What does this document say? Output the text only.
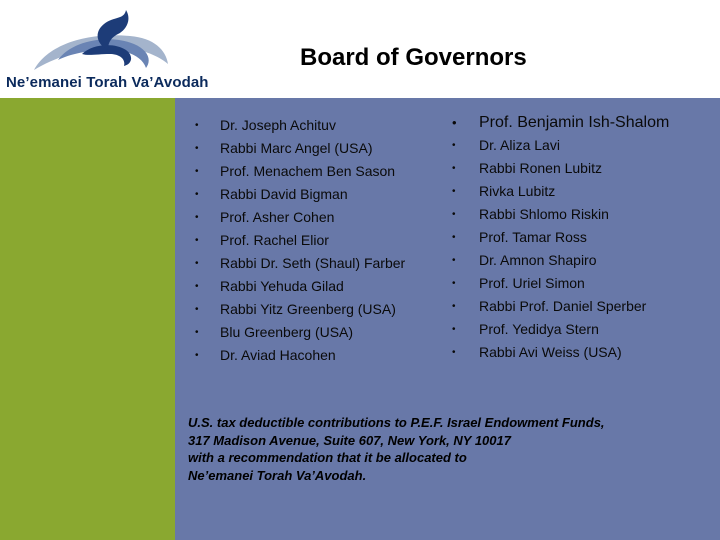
Ne’emanei Torah Va’Avodah
Board of Governors
• Dr. Joseph Achituv
• Rabbi Marc Angel (USA)
• Prof. Menachem Ben Sason
• Rabbi David Bigman
• Prof. Asher Cohen
• Prof. Rachel Elior
• Rabbi Dr. Seth (Shaul) Farber
• Rabbi Yehuda Gilad
• Rabbi Yitz Greenberg (USA)
• Blu Greenberg (USA)
• Dr. Aviad Hacohen
• Prof. Benjamin Ish-Shalom
• Dr. Aliza Lavi
• Rabbi Ronen Lubitz
• Rivka Lubitz
• Rabbi Shlomo Riskin
• Prof. Tamar Ross
• Dr. Amnon Shapiro
• Prof. Uriel Simon
• Rabbi Prof. Daniel Sperber
• Prof. Yedidya Stern
• Rabbi Avi Weiss (USA)
U.S. tax deductible contributions to P.E.F. Israel Endowment Funds,
317 Madison Avenue, Suite 607, New York, NY 10017
with a recommendation that it be allocated to
Ne’emanei Torah Va’Avodah.
